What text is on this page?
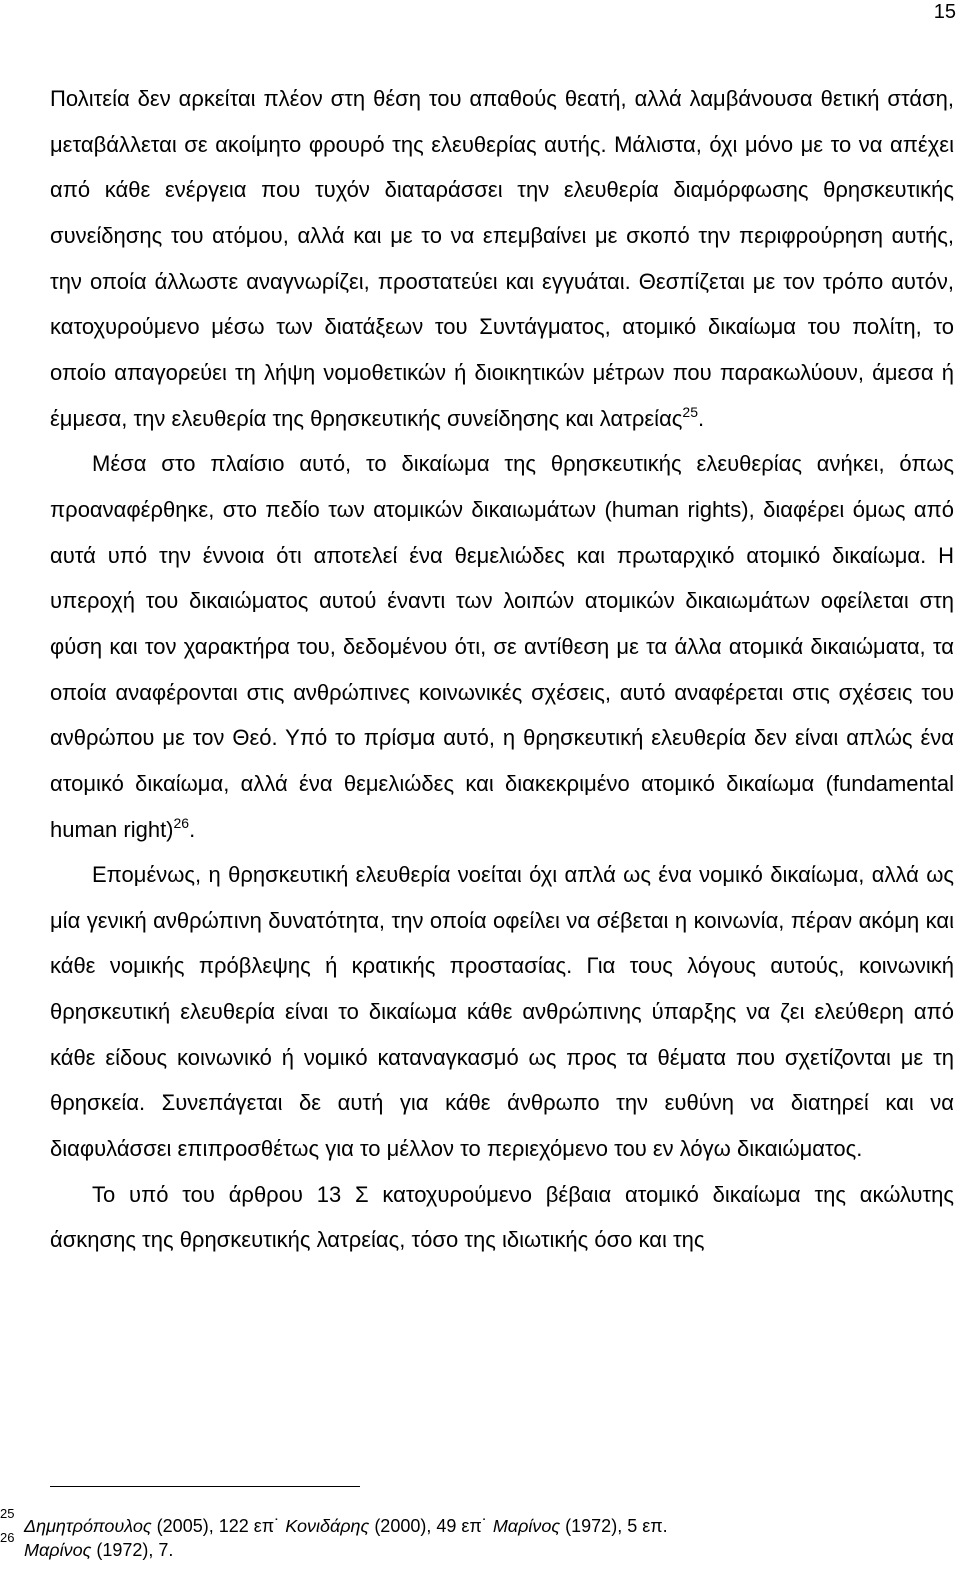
15

Πολιτεία δεν αρκείται πλέον στη θέση του απαθούς θεατή, αλλά λαμβάνουσα θετική στάση, μεταβάλλεται σε ακοίμητο φρουρό της ελευθερίας αυτής. Μάλιστα, όχι μόνο με το να απέχει από κάθε ενέργεια που τυχόν διαταράσσει την ελευθερία διαμόρφωσης θρησκευτικής συνείδησης του ατόμου, αλλά και με το να επεμβαίνει με σκοπό την περιφρούρηση αυτής, την οποία άλλωστε αναγνωρίζει, προστατεύει και εγγυάται. Θεσπίζεται με τον τρόπο αυτόν, κατοχυρούμενο μέσω των διατάξεων του Συντάγματος, ατομικό δικαίωμα του πολίτη, το οποίο απαγορεύει τη λήψη νομοθετικών ή διοικητικών μέτρων που παρακωλύουν, άμεσα ή έμμεσα, την ελευθερία της θρησκευτικής συνείδησης και λατρείας$^{25}$.

Μέσα στο πλαίσιο αυτό, το δικαίωμα της θρησκευτικής ελευθερίας ανήκει, όπως προαναφέρθηκε, στο πεδίο των ατομικών δικαιωμάτων (human rights), διαφέρει όμως από αυτά υπό την έννοια ότι αποτελεί ένα θεμελιώδες και πρωταρχικό ατομικό δικαίωμα. Η υπεροχή του δικαιώματος αυτού έναντι των λοιπών ατομικών δικαιωμάτων οφείλεται στη φύση και τον χαρακτήρα του, δεδομένου ότι, σε αντίθεση με τα άλλα ατομικά δικαιώματα, τα οποία αναφέρονται στις ανθρώπινες κοινωνικές σχέσεις, αυτό αναφέρεται στις σχέσεις του ανθρώπου με τον Θεό. Υπό το πρίσμα αυτό, η θρησκευτική ελευθερία δεν είναι απλώς ένα ατομικό δικαίωμα, αλλά ένα θεμελιώδες και διακεκριμένο ατομικό δικαίωμα (fundamental human right)$^{26}$.

Επομένως, η θρησκευτική ελευθερία νοείται όχι απλά ως ένα νομικό δικαίωμα, αλλά ως μία γενική ανθρώπινη δυνατότητα, την οποία οφείλει να σέβεται η κοινωνία, πέραν ακόμη και κάθε νομικής πρόβλεψης ή κρατικής προστασίας. Για τους λόγους αυτούς, κοινωνική θρησκευτική ελευθερία είναι το δικαίωμα κάθε ανθρώπινης ύπαρξης να ζει ελεύθερη από κάθε είδους κοινωνικό ή νομικό καταναγκασμό ως προς τα θέματα που σχετίζονται με τη θρησκεία. Συνεπάγεται δε αυτή για κάθε άνθρωπο την ευθύνη να διατηρεί και να διαφυλάσσει επιπροσθέτως για το μέλλον το περιεχόμενο του εν λόγω δικαιώματος.

Το υπό του άρθρου 13 Σ κατοχυρούμενο βέβαια ατομικό δικαίωμα της ακώλυτης άσκησης της θρησκευτικής λατρείας, τόσο της ιδιωτικής όσο και της

25
Δημητρόπουλος (2005), 122 επ˙ Κονιδάρης (2000), 49 επ˙ Μαρίνος (1972), 5 επ.
26
Μαρίνος (1972), 7.
